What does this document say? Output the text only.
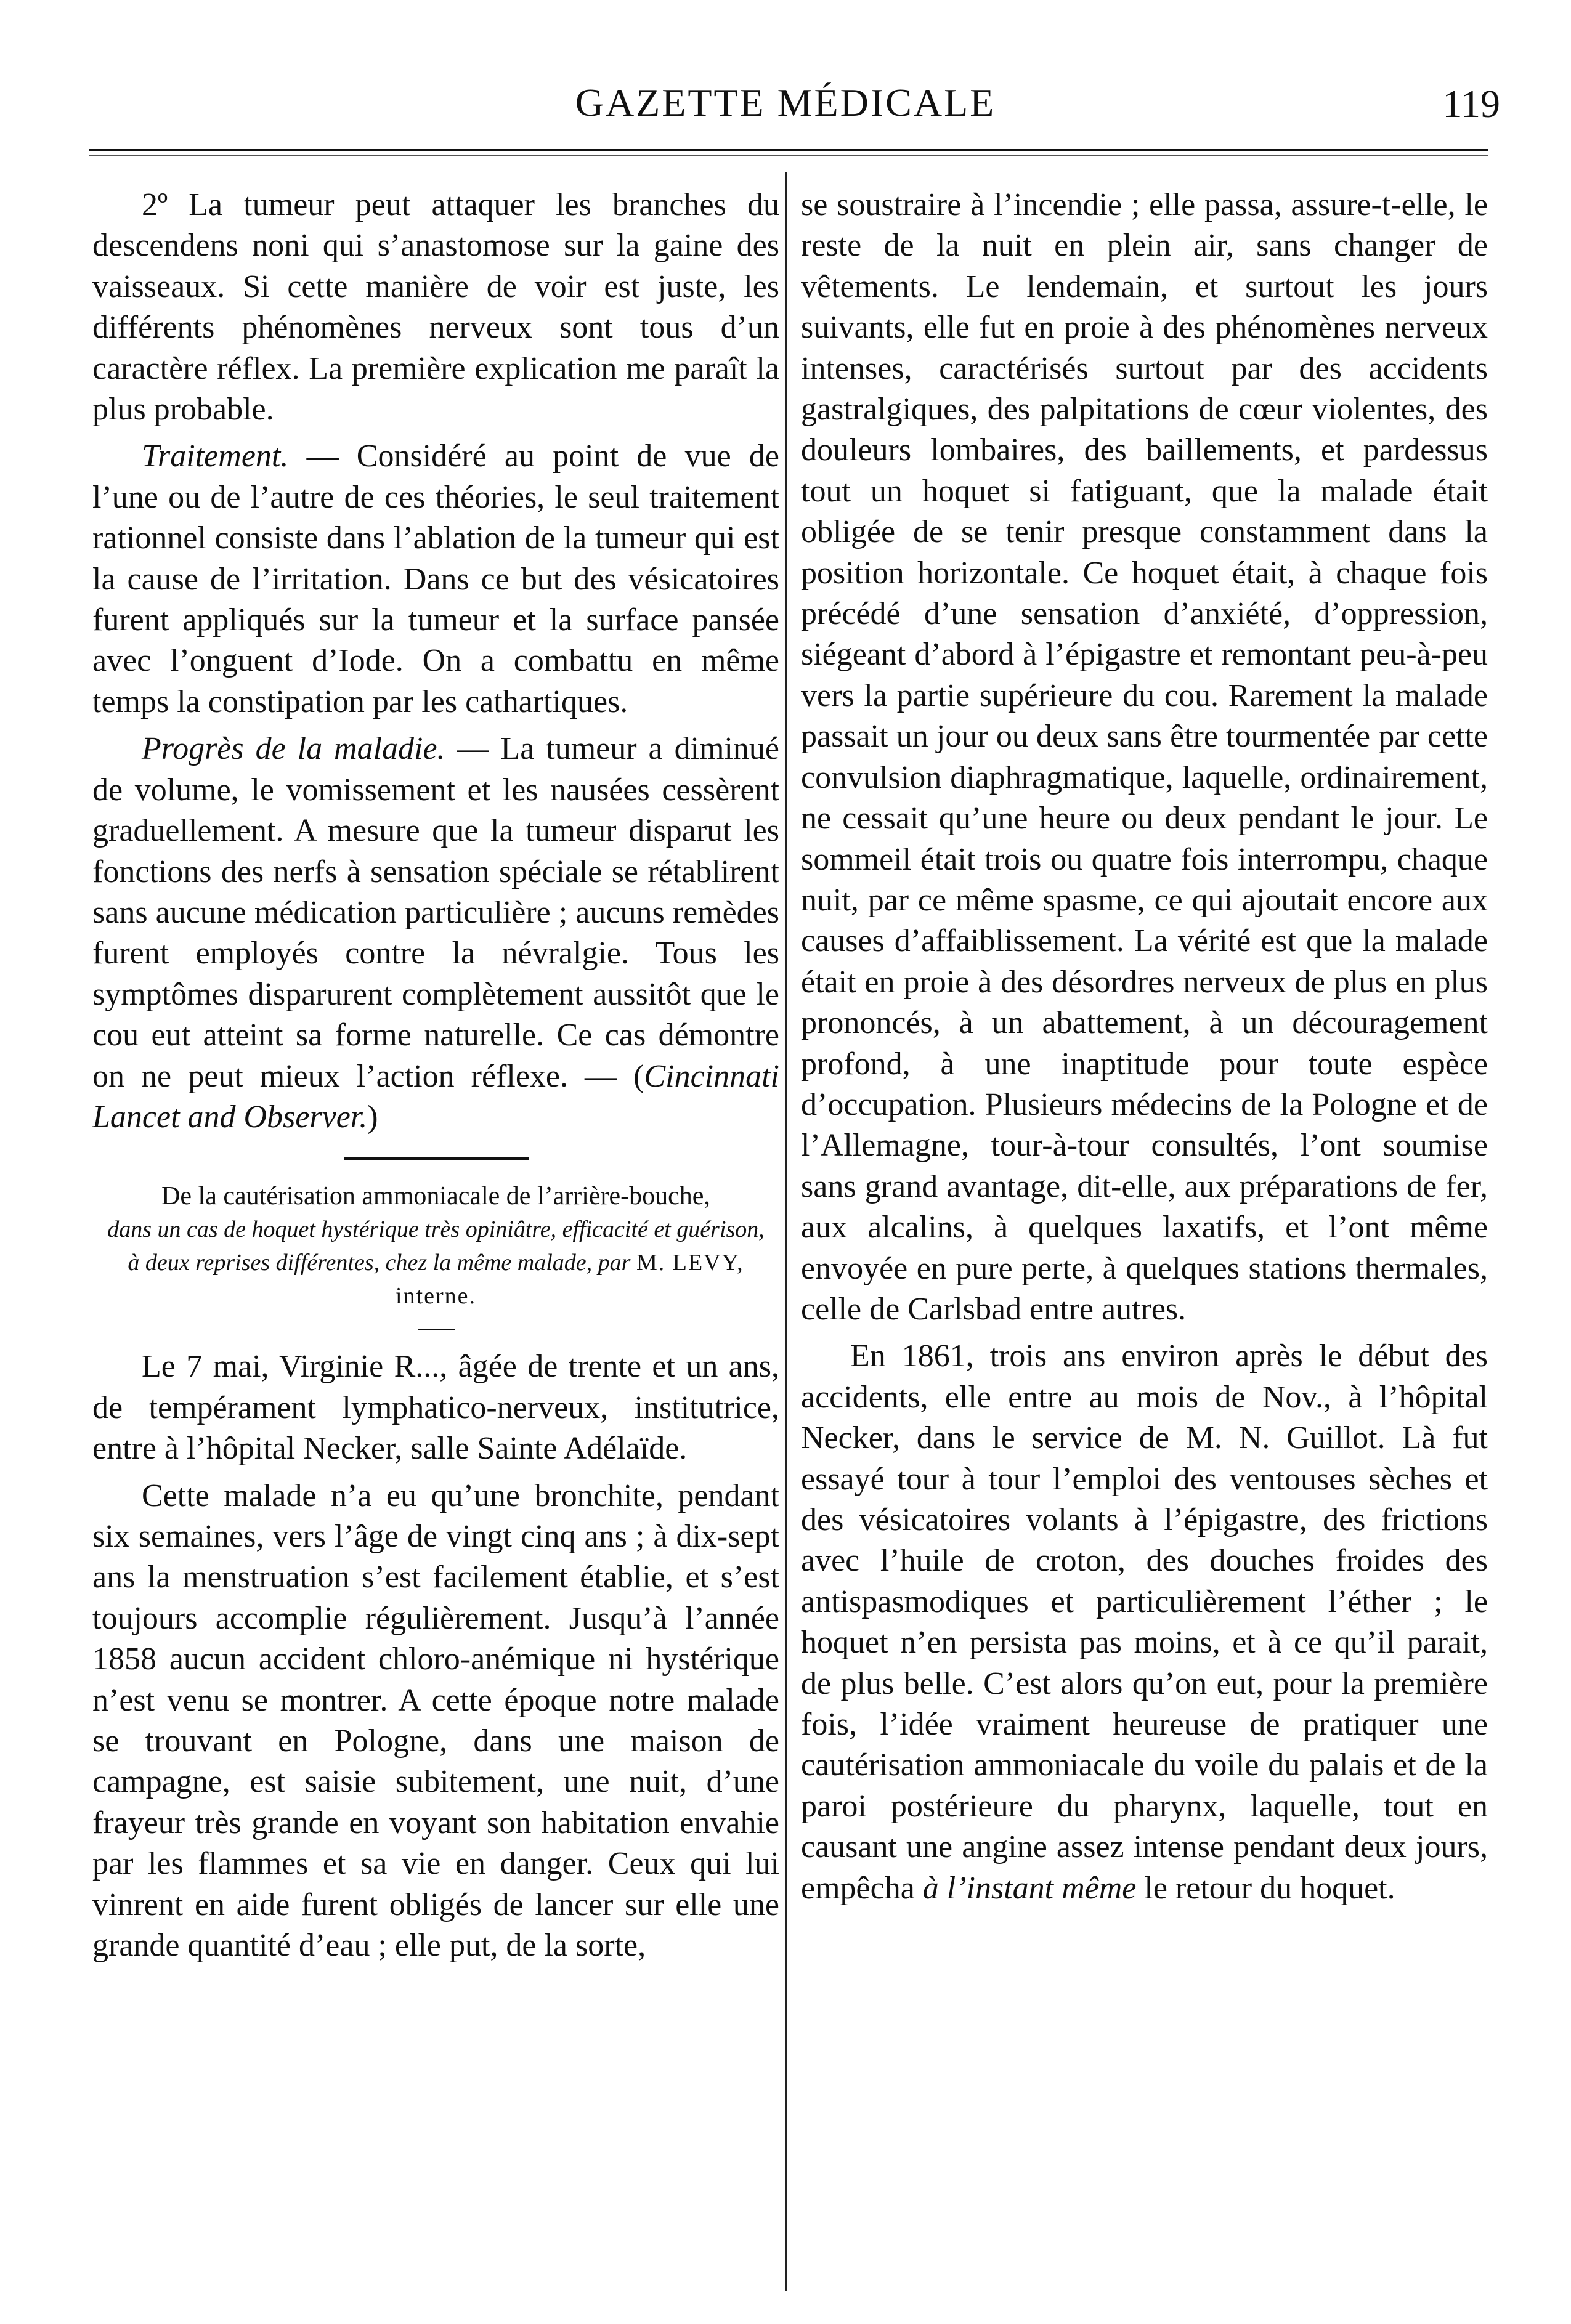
GAZETTE MÉDICALE	119

2º La tumeur peut attaquer les branches du descendens noni qui s’anastomose sur la gaine des vaisseaux. Si cette manière de voir est juste, les différents phénomènes nerveux sont tous d’un caractère réflex. La première explication me paraît la plus probable.

Traitement. — Considéré au point de vue de l’une ou de l’autre de ces théories, le seul traitement rationnel consiste dans l’ablation de la tumeur qui est la cause de l’irritation. Dans ce but des vésicatoires furent appliqués sur la tumeur et la surface pansée avec l’onguent d’Iode. On a combattu en même temps la constipation par les cathartiques.

Progrès de la maladie. — La tumeur a diminué de volume, le vomissement et les nausées cessèrent graduellement. A mesure que la tumeur disparut les fonctions des nerfs à sensation spéciale se rétablirent sans aucune médication particulière ; aucuns remèdes furent employés contre la névralgie. Tous les symptômes disparurent complètement aussitôt que le cou eut atteint sa forme naturelle. Ce cas démontre on ne peut mieux l’action réflexe. — (Cincinnati Lancet and Observer.)

De la cautérisation ammoniacale de l’arrière-bouche,

dans un cas de hoquet hystérique très opiniâtre, efficacité et guérison, à deux reprises différentes, chez la même malade, par M. LEVY, interne.

Le 7 mai, Virginie R..., âgée de trente et un ans, de tempérament lymphatico-nerveux, institutrice, entre à l’hôpital Necker, salle Sainte Adélaïde.

Cette malade n’a eu qu’une bronchite, pendant six semaines, vers l’âge de vingt cinq ans ; à dix-sept ans la menstruation s’est facilement établie, et s’est toujours accomplie régulièrement. Jusqu’à l’année 1858 aucun accident chloro-anémique ni hystérique n’est venu se montrer. A cette époque notre malade se trouvant en Pologne, dans une maison de campagne, est saisie subitement, une nuit, d’une frayeur très grande en voyant son habitation envahie par les flammes et sa vie en danger. Ceux qui lui vinrent en aide furent obligés de lancer sur elle une grande quantité d’eau ; elle put, de la sorte,

se soustraire à l’incendie ; elle passa, assure-t-elle, le reste de la nuit en plein air, sans changer de vêtements. Le lendemain, et surtout les jours suivants, elle fut en proie à des phénomènes nerveux intenses, caractérisés surtout par des accidents gastralgiques, des palpitations de cœur violentes, des douleurs lombaires, des baillements, et pardessus tout un hoquet si fatiguant, que la malade était obligée de se tenir presque constamment dans la position horizontale. Ce hoquet était, à chaque fois précédé d’une sensation d’anxiété, d’oppression, siégeant d’abord à l’épigastre et remontant peu-à-peu vers la partie supérieure du cou. Rarement la malade passait un jour ou deux sans être tourmentée par cette convulsion diaphragmatique, laquelle, ordinairement, ne cessait qu’une heure ou deux pendant le jour. Le sommeil était trois ou quatre fois interrompu, chaque nuit, par ce même spasme, ce qui ajoutait encore aux causes d’affaiblissement. La vérité est que la malade était en proie à des désordres nerveux de plus en plus prononcés, à un abattement, à un découragement profond, à une inaptitude pour toute espèce d’occupation. Plusieurs médecins de la Pologne et de l’Allemagne, tour-à-tour consultés, l’ont soumise sans grand avantage, dit-elle, aux préparations de fer, aux alcalins, à quelques laxatifs, et l’ont même envoyée en pure perte, à quelques stations thermales, celle de Carlsbad entre autres.

En 1861, trois ans environ après le début des accidents, elle entre au mois de Nov., à l’hôpital Necker, dans le service de M. N. Guillot. Là fut essayé tour à tour l’emploi des ventouses sèches et des vésicatoires volants à l’épigastre, des frictions avec l’huile de croton, des douches froides des antispasmodiques et particulièrement l’éther ; le hoquet n’en persista pas moins, et à ce qu’il parait, de plus belle. C’est alors qu’on eut, pour la première fois, l’idée vraiment heureuse de pratiquer une cautérisation ammoniacale du voile du palais et de la paroi postérieure du pharynx, laquelle, tout en causant une angine assez intense pendant deux jours, empêcha à l’instant même le retour du hoquet.
